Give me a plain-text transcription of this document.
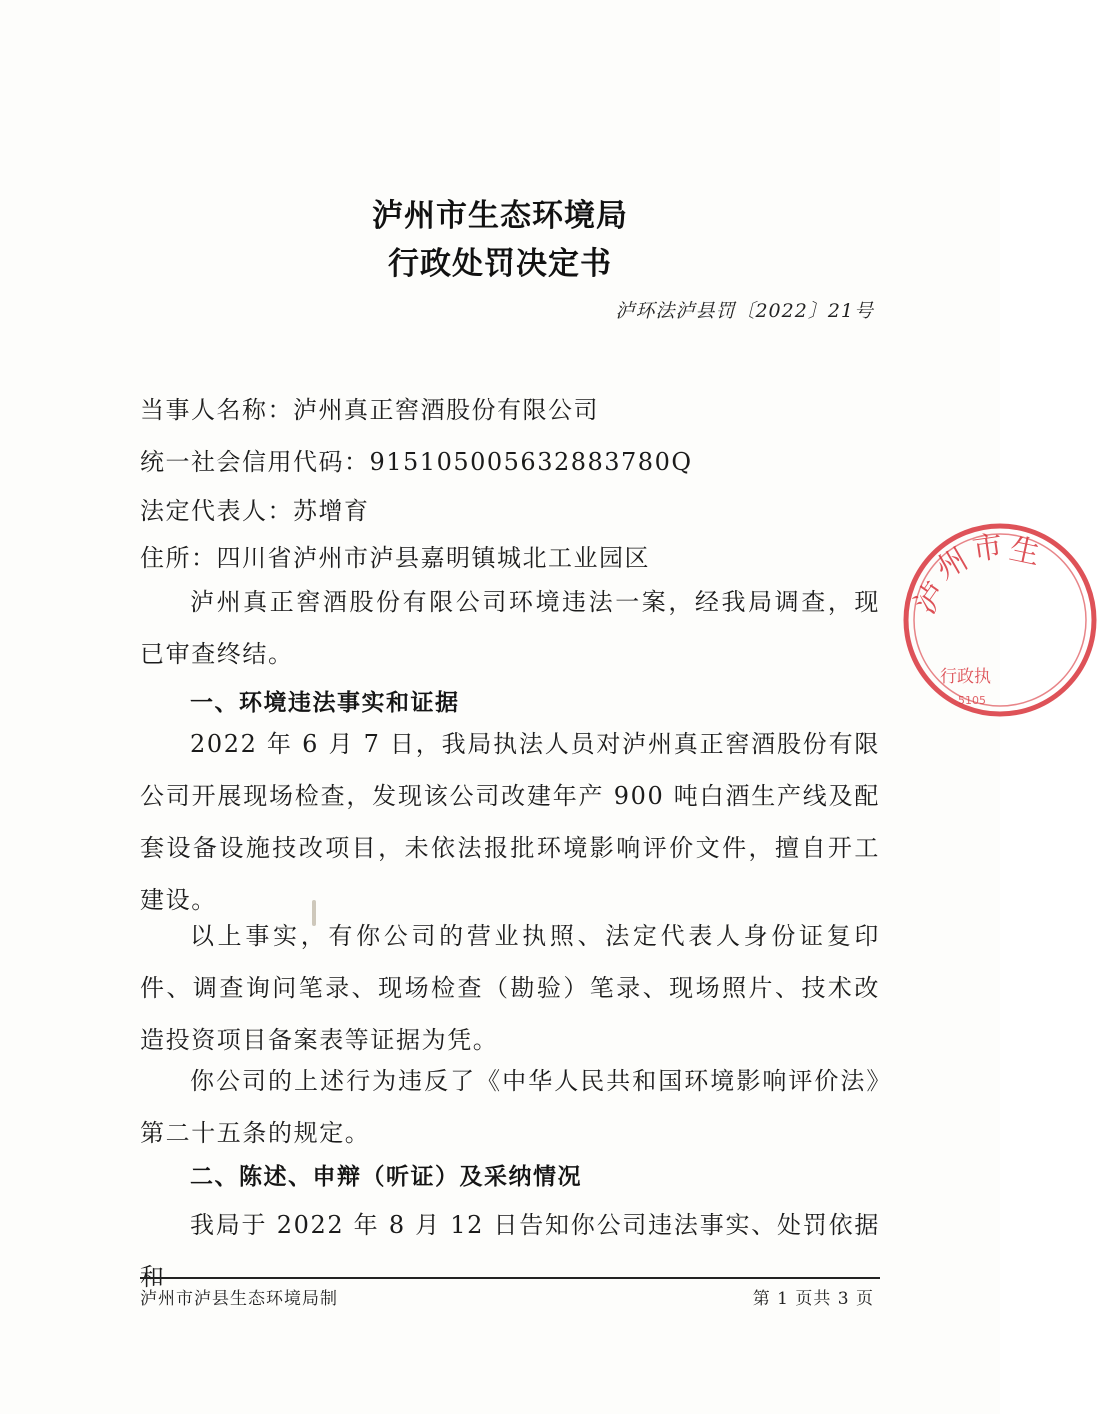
泸州市生态环境局
行政处罚决定书
泸环法泸县罚〔2022〕21号
当事人名称：泸州真正窖酒股份有限公司
统一社会信用代码：915105005632883780Q
法定代表人：苏增育
住所：四川省泸州市泸县嘉明镇城北工业园区
泸州真正窖酒股份有限公司环境违法一案，经我局调查，现已审查终结。
一、环境违法事实和证据
2022 年 6 月 7 日，我局执法人员对泸州真正窖酒股份有限公司开展现场检查，发现该公司改建年产 900 吨白酒生产线及配套设备设施技改项目，未依法报批环境影响评价文件，擅自开工建设。
以上事实，有你公司的营业执照、法定代表人身份证复印件、调查询问笔录、现场检查（勘验）笔录、现场照片、技术改造投资项目备案表等证据为凭。
你公司的上述行为违反了《中华人民共和国环境影响评价法》第二十五条的规定。
二、陈述、申辩（听证）及采纳情况
我局于 2022 年 8 月 12 日告知你公司违法事实、处罚依据和
泸州市泸县生态环境局制	第 1 页共 3 页
泸
州
市 生
行政执
5105
